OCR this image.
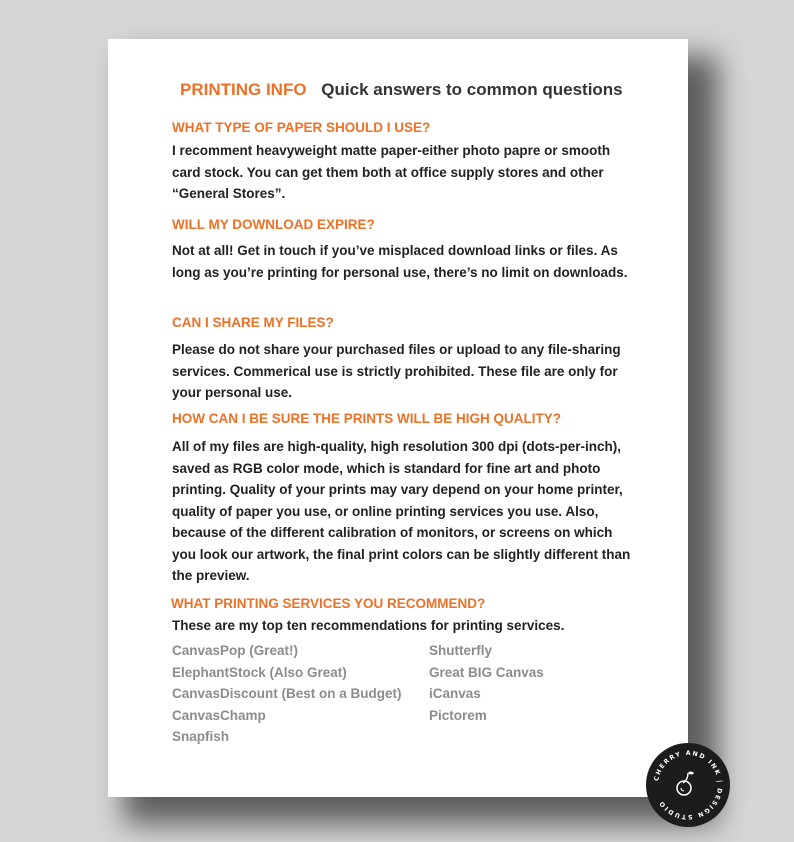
PRINTING INFO Quick answers to common questions
WHAT TYPE OF PAPER SHOULD I USE?
I recomment heavyweight matte paper-either photo papre or smooth card stock. You can get them both at office supply stores and other “General Stores”.
WILL MY DOWNLOAD EXPIRE?
Not at all! Get in touch if you’ve misplaced download links or files. As long as you’re printing for personal use, there’s no limit on downloads.
CAN I SHARE MY FILES?
Please do not share your purchased files or upload to any file-sharing services. Commerical use is strictly prohibited. These file are only for your personal use.
HOW CAN I BE SURE THE PRINTS WILL BE HIGH QUALITY?
All of my files are high-quality, high resolution 300 dpi (dots-per-inch), saved as RGB color mode, which is standard for fine art and photo printing. Quality of your prints may vary depend on your home printer, quality of paper you use, or online printing services you use. Also, because of the different calibration of monitors, or screens on which you look our artwork, the final print colors can be slightly different than the preview.
WHAT PRINTING SERVICES YOU RECOMMEND?
These are my top ten recommendations for printing services.
CanvasPop (Great!)
ElephantStock (Also Great)
CanvasDiscount (Best on a Budget)
CanvasChamp
Snapfish
Shutterfly
Great BIG Canvas
iCanvas
Pictorem
CHERRY AND INK | DESIGN STUDIO
